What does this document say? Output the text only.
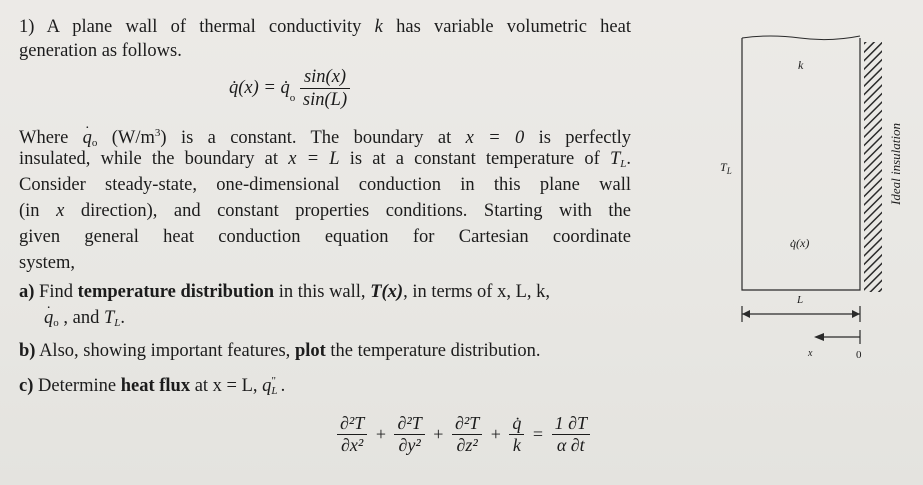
1) A plane wall of thermal conductivity k has variable volumetric heat
generation as follows.
q̇(x) = $q̇_o \frac{\sin(x)}{\sin(L)}$
Where ˙ $q_o$ $(W/m^3)$ is a constant. The boundary at x = 0 is perfectly
insulated, while the boundary at x = L is at a constant temperature of $T_L$.
Consider steady-state, one-dimensional conduction in this plane wall
(in x direction), and constant properties conditions. Starting with the
given general heat conduction equation for Cartesian coordinate
system,
a) Find temperature distribution in this wall, T(x), in terms of x, L, k,
˙ $q_o$ , and $T_L$.
b) Also, showing important features, plot the temperature distribution.
c) Determine heat flux at x = L, $q_L^"$ .
$\frac{\text{∂²T}}{\text{∂x²}} + \frac{\text{∂²T}}{\text{∂y²}} + \frac{\text{∂²T}}{\text{∂z²}} + \frac{q̇}{k} = \frac{1 \partial T}{\alpha \partial t}$
k
$T_L$
q̇(x)
L
x	0
Ideal insulation
